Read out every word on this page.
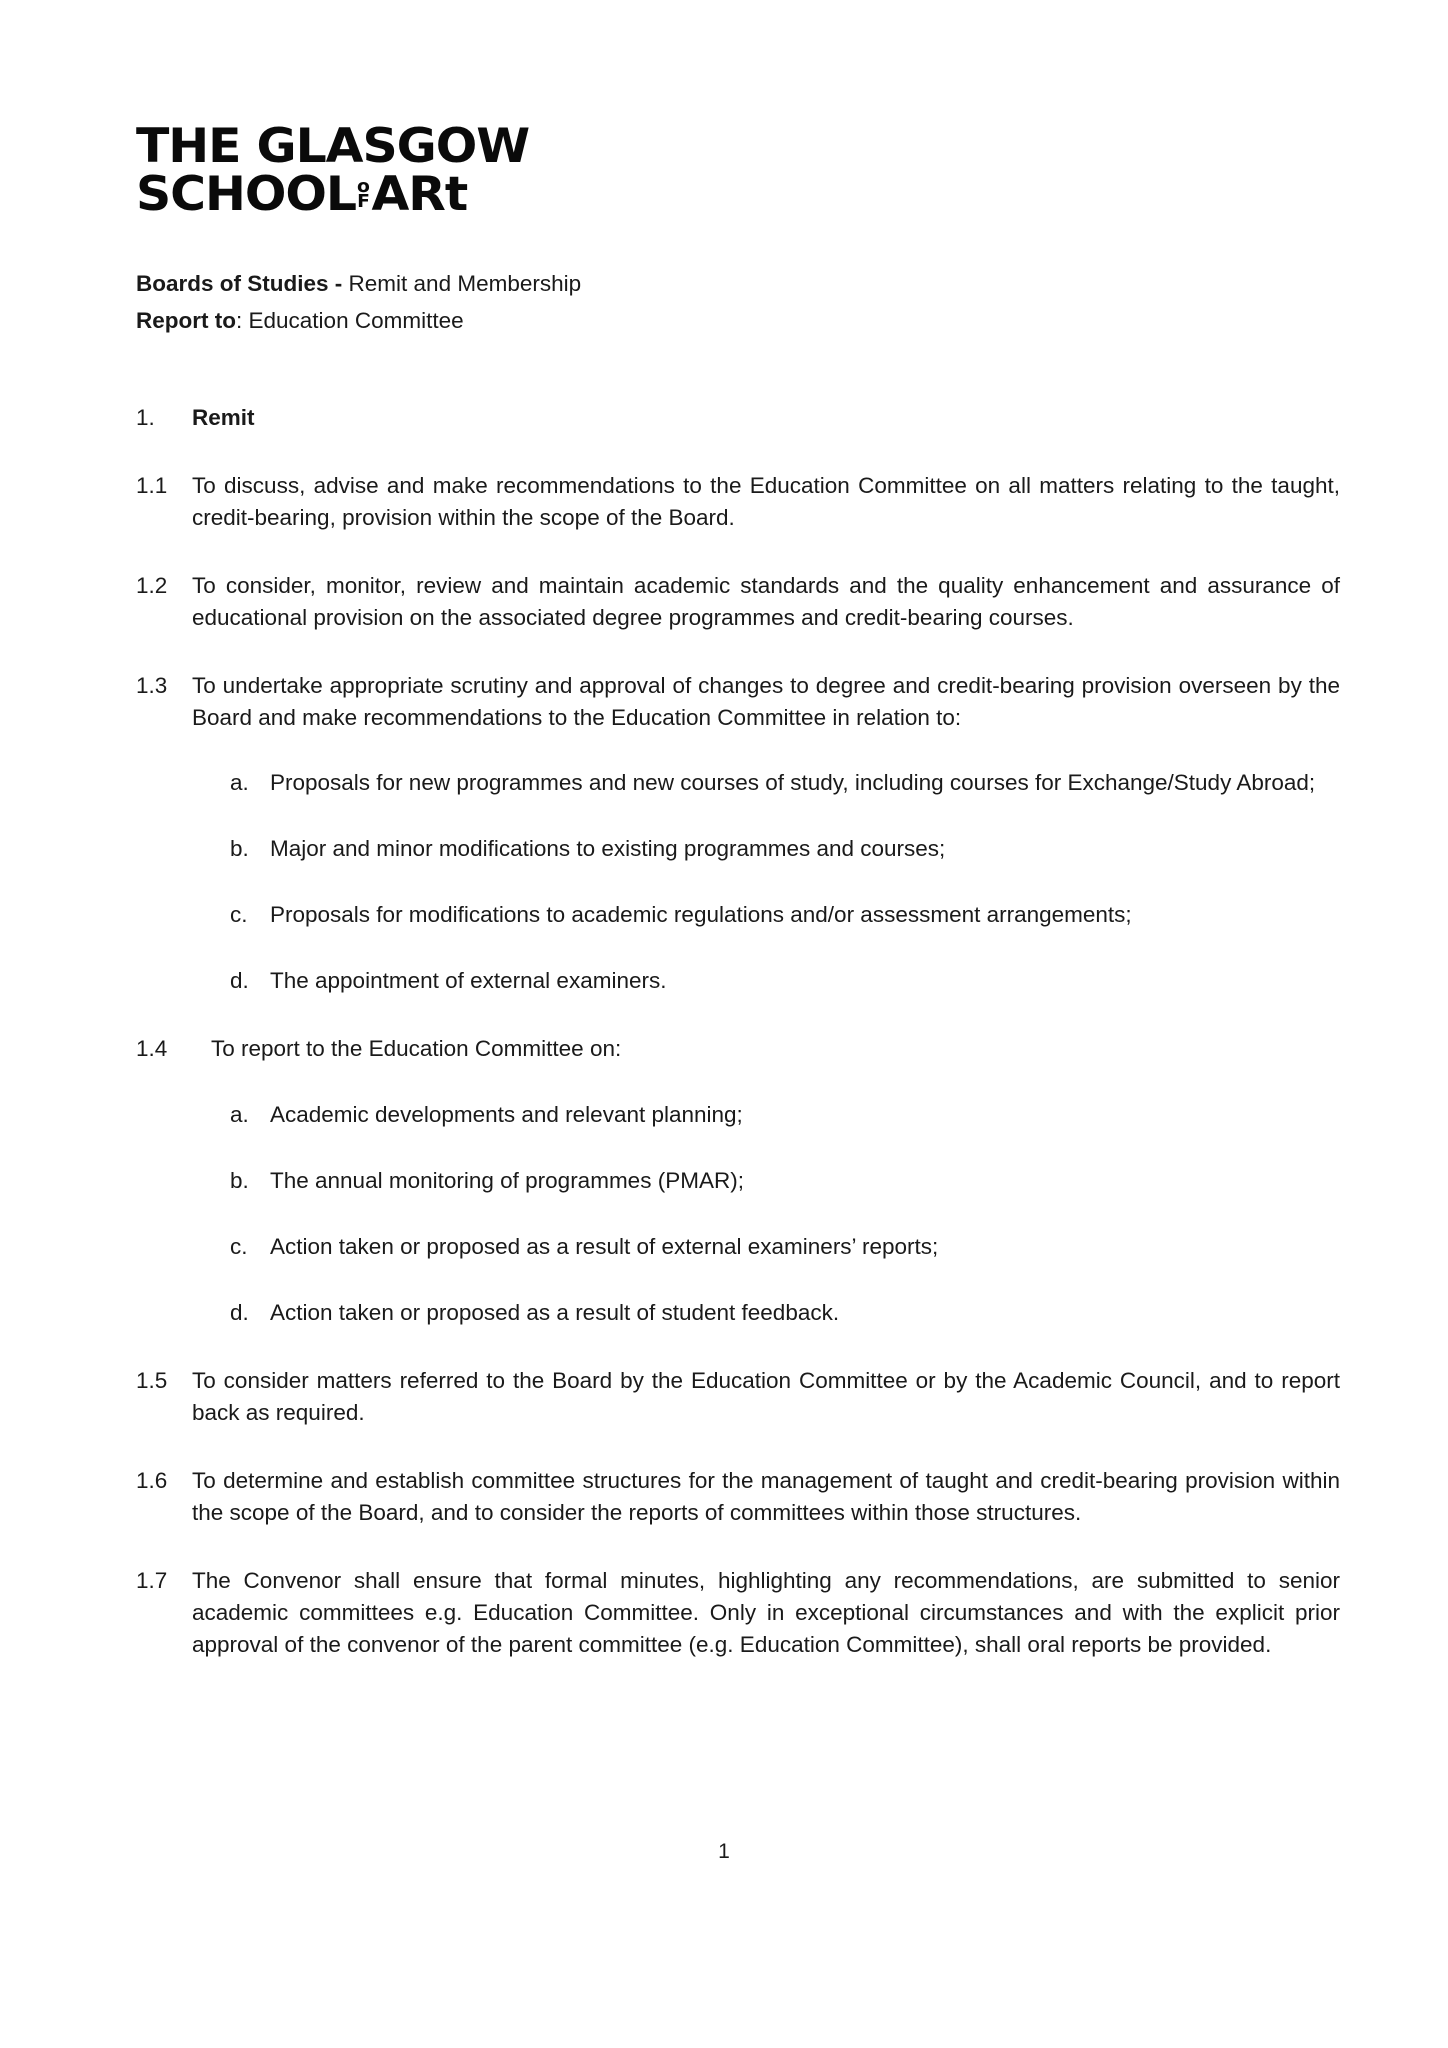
THE GLASGOW
SCHOOL o
F ARt
Boards of Studies - Remit and Membership
Report to: Education Committee
1.	Remit
1.1	To discuss, advise and make recommendations to the Education Committee on all matters relating to the taught, credit-bearing, provision within the scope of the Board.
1.2	To consider, monitor, review and maintain academic standards and the quality enhancement and assurance of educational provision on the associated degree programmes and credit-bearing courses.
1.3	To undertake appropriate scrutiny and approval of changes to degree and credit-bearing provision overseen by the Board and make recommendations to the Education Committee in relation to:
a. Proposals for new programmes and new courses of study, including courses for Exchange/Study Abroad;
b. Major and minor modifications to existing programmes and courses;
c. Proposals for modifications to academic regulations and/or assessment arrangements;
d. The appointment of external examiners.
1.4	To report to the Education Committee on:
a. Academic developments and relevant planning;
b. The annual monitoring of programmes (PMAR);
c. Action taken or proposed as a result of external examiners’ reports;
d. Action taken or proposed as a result of student feedback.
1.5	To consider matters referred to the Board by the Education Committee or by the Academic Council, and to report back as required.
1.6	To determine and establish committee structures for the management of taught and credit-bearing provision within the scope of the Board, and to consider the reports of committees within those structures.
1.7	The Convenor shall ensure that formal minutes, highlighting any recommendations, are submitted to senior academic committees e.g. Education Committee. Only in exceptional circumstances and with the explicit prior approval of the convenor of the parent committee (e.g. Education Committee), shall oral reports be provided.
1
